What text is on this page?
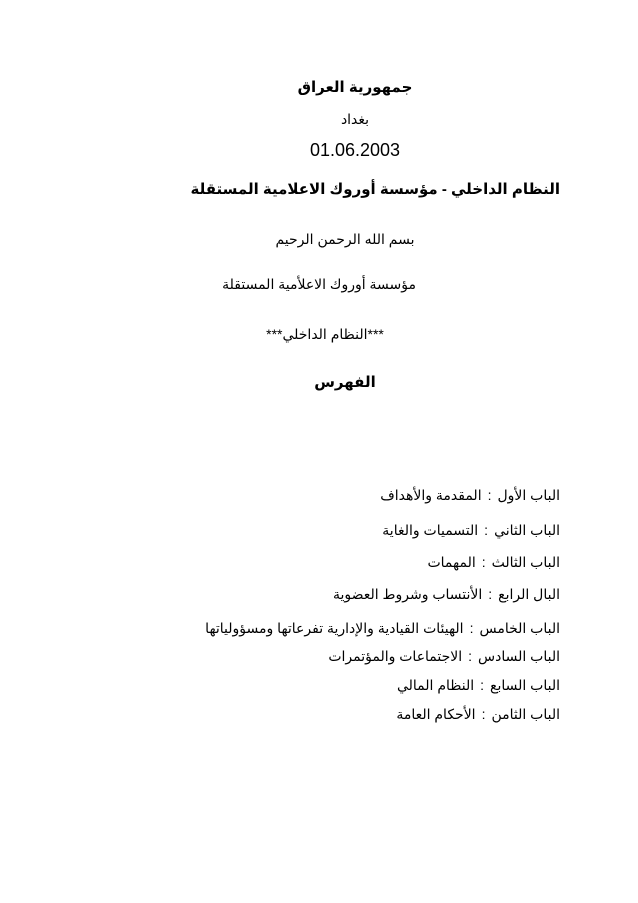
جمهورية العراق
بغداد
01.06.2003
النظام الداخلي - مؤسسة أوروك الاعلامية المستقلة
بسم الله الرحمن الرحيم
مؤسسة أوروك الاعلأمية المستقلة
***النظام الداخلي***
الفهرس
الباب الأول:المقدمة والأهداف
الباب الثاني:التسميات والغاية
الباب الثالث:المهمات
البال الرابع:الأنتساب وشروط العضوية
الباب الخامس:الهيئات القيادية والإدارية تفرعاتها ومسؤولياتها
الباب السادس:الاجتماعات والمؤتمرات
الباب السابع:النظام المالي
الباب الثامن:الأحكام العامة
